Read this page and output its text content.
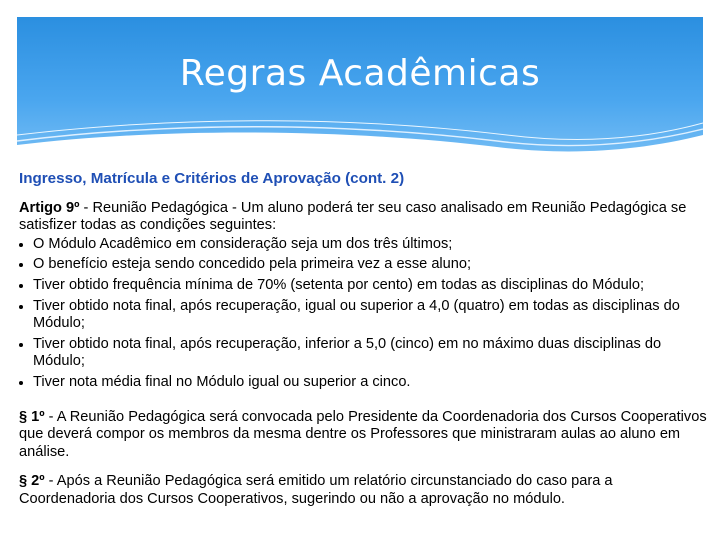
Regras Acadêmicas

Ingresso, Matrícula e Critérios de Aprovação (cont. 2)

Artigo 9º - Reunião Pedagógica - Um aluno poderá ter seu caso analisado em Reunião Pedagógica se satisfizer todas as condições seguintes:

O Módulo Acadêmico em consideração seja um dos três últimos;
O benefício esteja sendo concedido pela primeira vez a esse aluno;
Tiver obtido frequência mínima de 70% (setenta por cento) em todas as disciplinas do Módulo;
Tiver obtido nota final, após recuperação, igual ou superior a 4,0 (quatro) em todas as disciplinas do Módulo;
Tiver obtido nota final, após recuperação, inferior a 5,0 (cinco) em no máximo duas disciplinas do Módulo;
Tiver nota média final no Módulo igual ou superior a cinco.

§ 1º - A Reunião Pedagógica será convocada pelo Presidente da Coordenadoria dos Cursos Cooperativos que deverá compor os membros da mesma dentre os Professores que ministraram aulas ao aluno em análise.

§ 2º - Após a Reunião Pedagógica será emitido um relatório circunstanciado do caso para a Coordenadoria dos Cursos Cooperativos, sugerindo ou não a aprovação no módulo.
